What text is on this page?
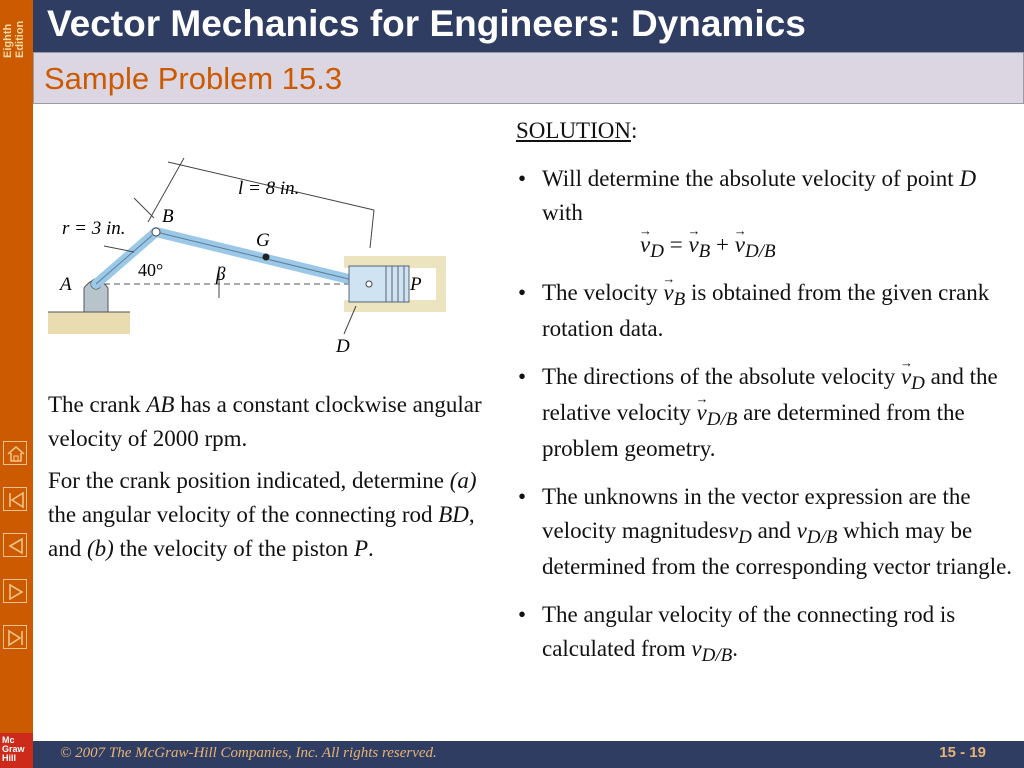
Eighth Edition
Mc
Graw
Hill
Vector Mechanics for Engineers: Dynamics
Sample Problem 15.3
r = 3 in.
B
l = 8 in.
G
40°	β
A	P
D

The crank AB has a constant clockwise angular velocity of 2000 rpm.

For the crank position indicated, determine (a) the angular velocity of the connecting rod BD, and (b) the velocity of the piston P.

SOLUTION:
• Will determine the absolute velocity of point D with
$v \to_D = v \to_B + v \to_{D/B}$
• The velocity $v \to_B$ is obtained from the given crank rotation data.
• The directions of the absolute velocity $v \to_D$ and the relative velocity $v \to_{D/B}$ are determined from the problem geometry.
• The unknowns in the vector expression are the velocity magnitudesv$_D$ and $v_{D/B}$ which may be determined from the corresponding vector triangle.
• The angular velocity of the connecting rod is calculated from $v_{D/B}$.
© 2007 The McGraw-Hill Companies, Inc. All rights reserved.	15 - 19
